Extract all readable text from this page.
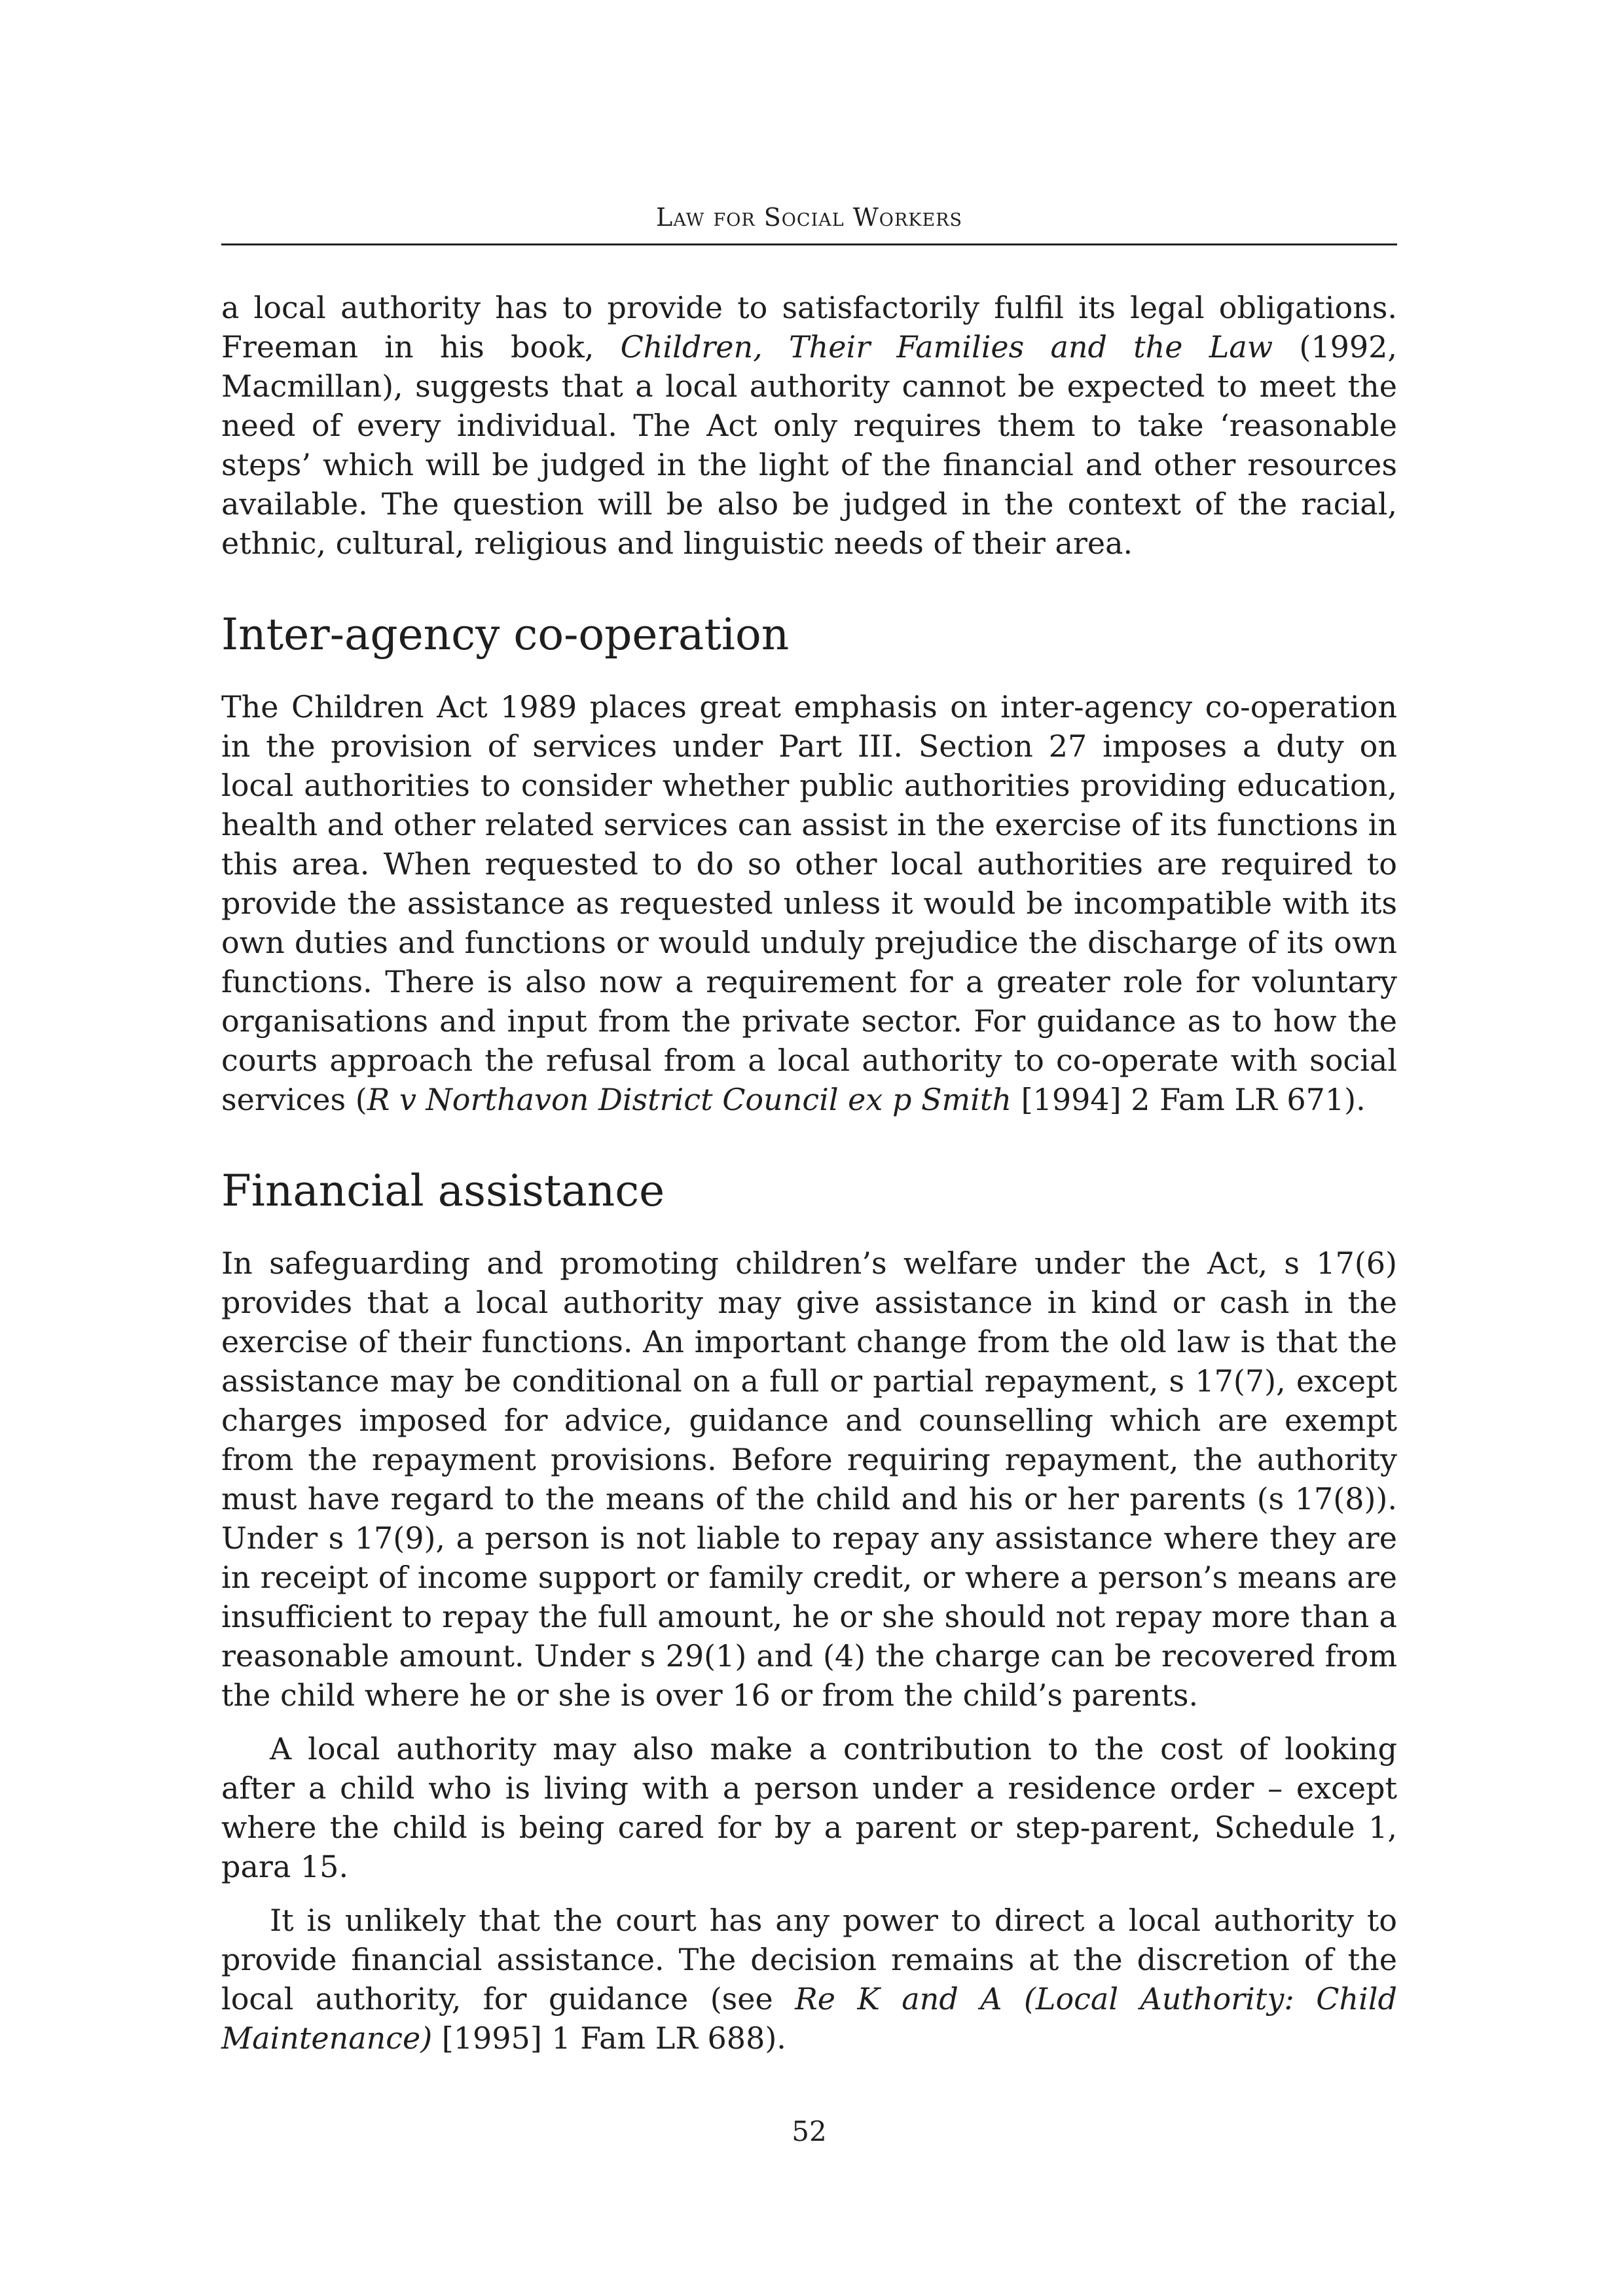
Law for Social Workers

a local authority has to provide to satisfactorily fulfil its legal obligations. Freeman in his book, Children, Their Families and the Law (1992, Macmillan), suggests that a local authority cannot be expected to meet the need of every individual. The Act only requires them to take ‘reasonable steps’ which will be judged in the light of the financial and other resources available. The question will be also be judged in the context of the racial, ethnic, cultural, religious and linguistic needs of their area.

Inter-agency co-operation

The Children Act 1989 places great emphasis on inter-agency co-operation in the provision of services under Part III. Section 27 imposes a duty on local authorities to consider whether public authorities providing education, health and other related services can assist in the exercise of its functions in this area. When requested to do so other local authorities are required to provide the assistance as requested unless it would be incompatible with its own duties and functions or would unduly prejudice the discharge of its own functions. There is also now a requirement for a greater role for voluntary organisations and input from the private sector. For guidance as to how the courts approach the refusal from a local authority to co-operate with social services (R v Northavon District Council ex p Smith [1994] 2 Fam LR 671).

Financial assistance

In safeguarding and promoting children’s welfare under the Act, s 17(6) provides that a local authority may give assistance in kind or cash in the exercise of their functions. An important change from the old law is that the assistance may be conditional on a full or partial repayment, s 17(7), except charges imposed for advice, guidance and counselling which are exempt from the repayment provisions. Before requiring repayment, the authority must have regard to the means of the child and his or her parents (s 17(8)). Under s 17(9), a person is not liable to repay any assistance where they are in receipt of income support or family credit, or where a person’s means are insufficient to repay the full amount, he or she should not repay more than a reasonable amount. Under s 29(1) and (4) the charge can be recovered from the child where he or she is over 16 or from the child’s parents.

A local authority may also make a contribution to the cost of looking after a child who is living with a person under a residence order – except where the child is being cared for by a parent or step-parent, Schedule 1, para 15.

It is unlikely that the court has any power to direct a local authority to provide financial assistance. The decision remains at the discretion of the local authority, for guidance (see Re K and A (Local Authority: Child Maintenance) [1995] 1 Fam LR 688).

52
